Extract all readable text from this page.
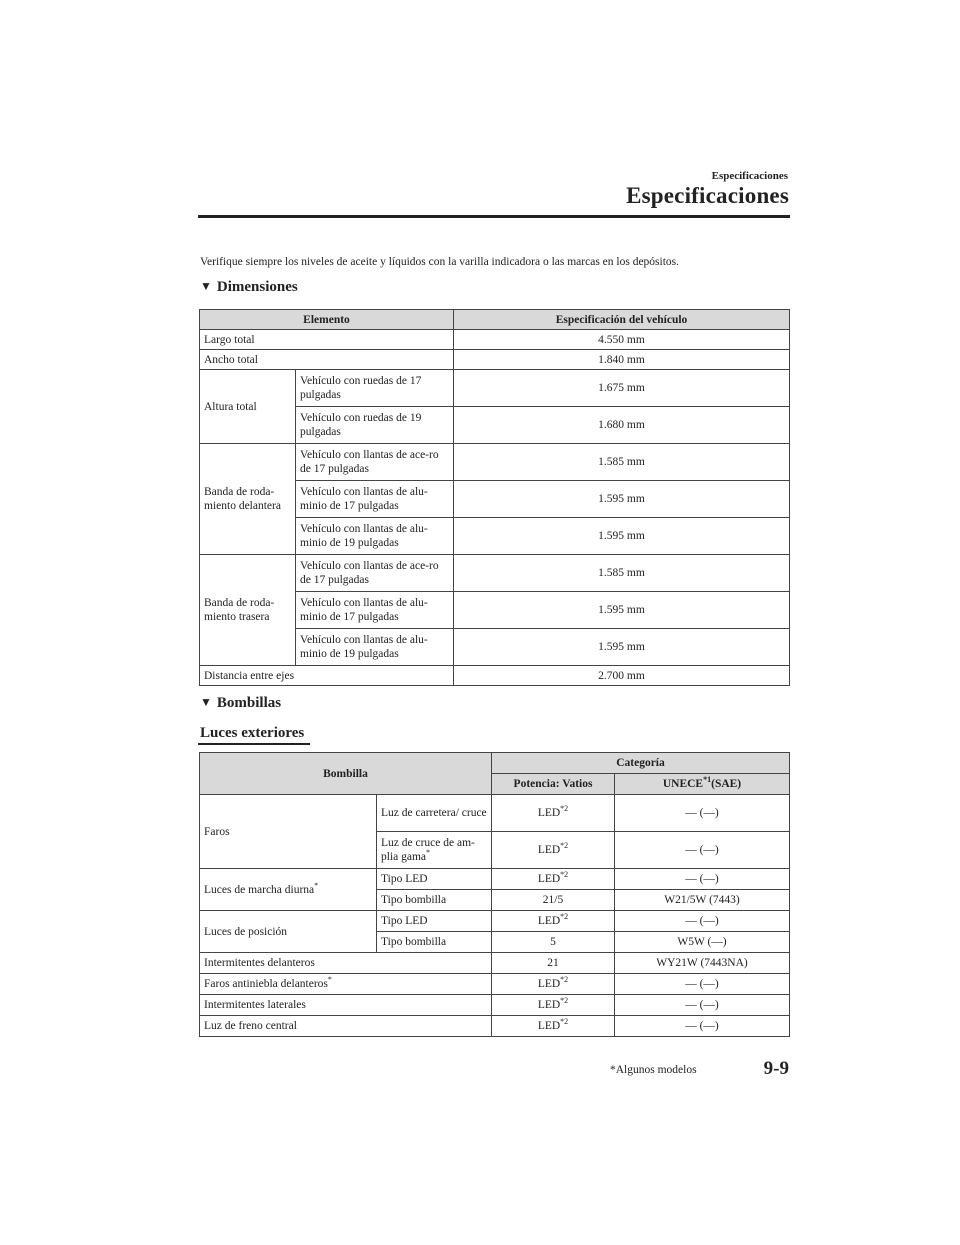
Especificaciones
Especificaciones
Verifique siempre los niveles de aceite y líquidos con la varilla indicadora o las marcas en los depósitos.
▼ Dimensiones
Elemento		Especificación del vehículo
Largo total		4.550 mm
Ancho total		1.840 mm
Altura total	Vehículo con ruedas de 17 pulgadas	1.675 mm
	Vehículo con ruedas de 19 pulgadas	1.680 mm
Banda de roda-miento delantera	Vehículo con llantas de ace-ro de 17 pulgadas	1.585 mm
	Vehículo con llantas de alu-minio de 17 pulgadas	1.595 mm
	Vehículo con llantas de alu-minio de 19 pulgadas	1.595 mm
Banda de roda-miento trasera	Vehículo con llantas de ace-ro de 17 pulgadas	1.585 mm
	Vehículo con llantas de alu-minio de 17 pulgadas	1.595 mm
	Vehículo con llantas de alu-minio de 19 pulgadas	1.595 mm
Distancia entre ejes		2.700 mm
▼ Bombillas
Luces exteriores
Bombilla		Categoría	
		Potencia: Vatios	UNECE$^{*1}$(SAE)
Faros	Luz de carretera/ cruce	LED$^{*2}$	— (—)
	Luz de cruce de am-plia gama*	LED$^{*2}$	— (—)
Luces de marcha diurna*	Tipo LED	LED$^{*2}$	— (—)
	Tipo bombilla	21/5	W21/5W (7443)
Luces de posición	Tipo LED	LED$^{*2}$	— (—)
	Tipo bombilla	5	W5W (—)
Intermitentes delanteros		21	WY21W (7443NA)
Faros antiniebla delanteros*		LED$^{*2}$	— (—)
Intermitentes laterales		LED$^{*2}$	— (—)
Luz de freno central		LED$^{*2}$	— (—)
*Algunos modelos	9-9
